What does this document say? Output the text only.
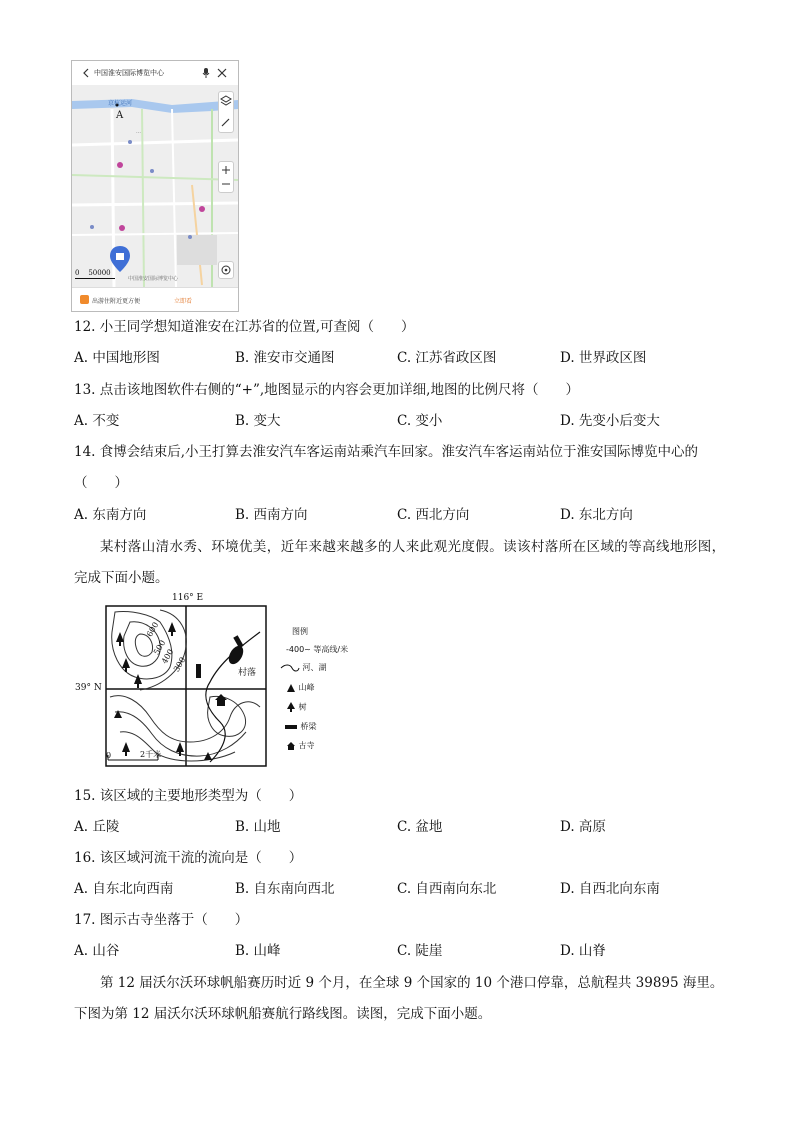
中国淮安国际博览中心
京杭运河
A
…
中国淮安国际博览中心
0    50000
出游住附近更方便	立即看
12. 小王同学想知道淮安在江苏省的位置,可查阅（　　）
A. 中国地形图	B. 淮安市交通图	C. 江苏省政区图	D. 世界政区图
13. 点击该地图软件右侧的“+”,地图显示的内容会更加详细,地图的比例尺将（　　）
A. 不变	B. 变大	C. 变小	D. 先变小后变大
14. 食博会结束后,小王打算去淮安汽车客运南站乘汽车回家。淮安汽车客运南站位于淮安国际博览中心的
（　　）
A. 东南方向	B. 西南方向	C. 西北方向	D. 东北方向
某村落山清水秀、环境优美，近年来越来越多的人来此观光度假。读该村落所在区域的等高线地形图，
完成下面小题。
116° E
39° N
600
500
400
300	村落
0	2千米
图例
-400~ 等高线/米
河、湖
山峰
树
桥梁
古寺
15. 该区域的主要地形类型为（　　）
A. 丘陵	B. 山地	C. 盆地	D. 高原
16. 该区域河流干流的流向是（　　）
A. 自东北向西南	B. 自东南向西北	C. 自西南向东北	D. 自西北向东南
17. 图示古寺坐落于（　　）
A. 山谷	B. 山峰	C. 陡崖	D. 山脊
第 12 届沃尔沃环球帆船赛历时近 9 个月，在全球 9 个国家的 10 个港口停靠，总航程共 39895 海里。
下图为第 12 届沃尔沃环球帆船赛航行路线图。读图，完成下面小题。
